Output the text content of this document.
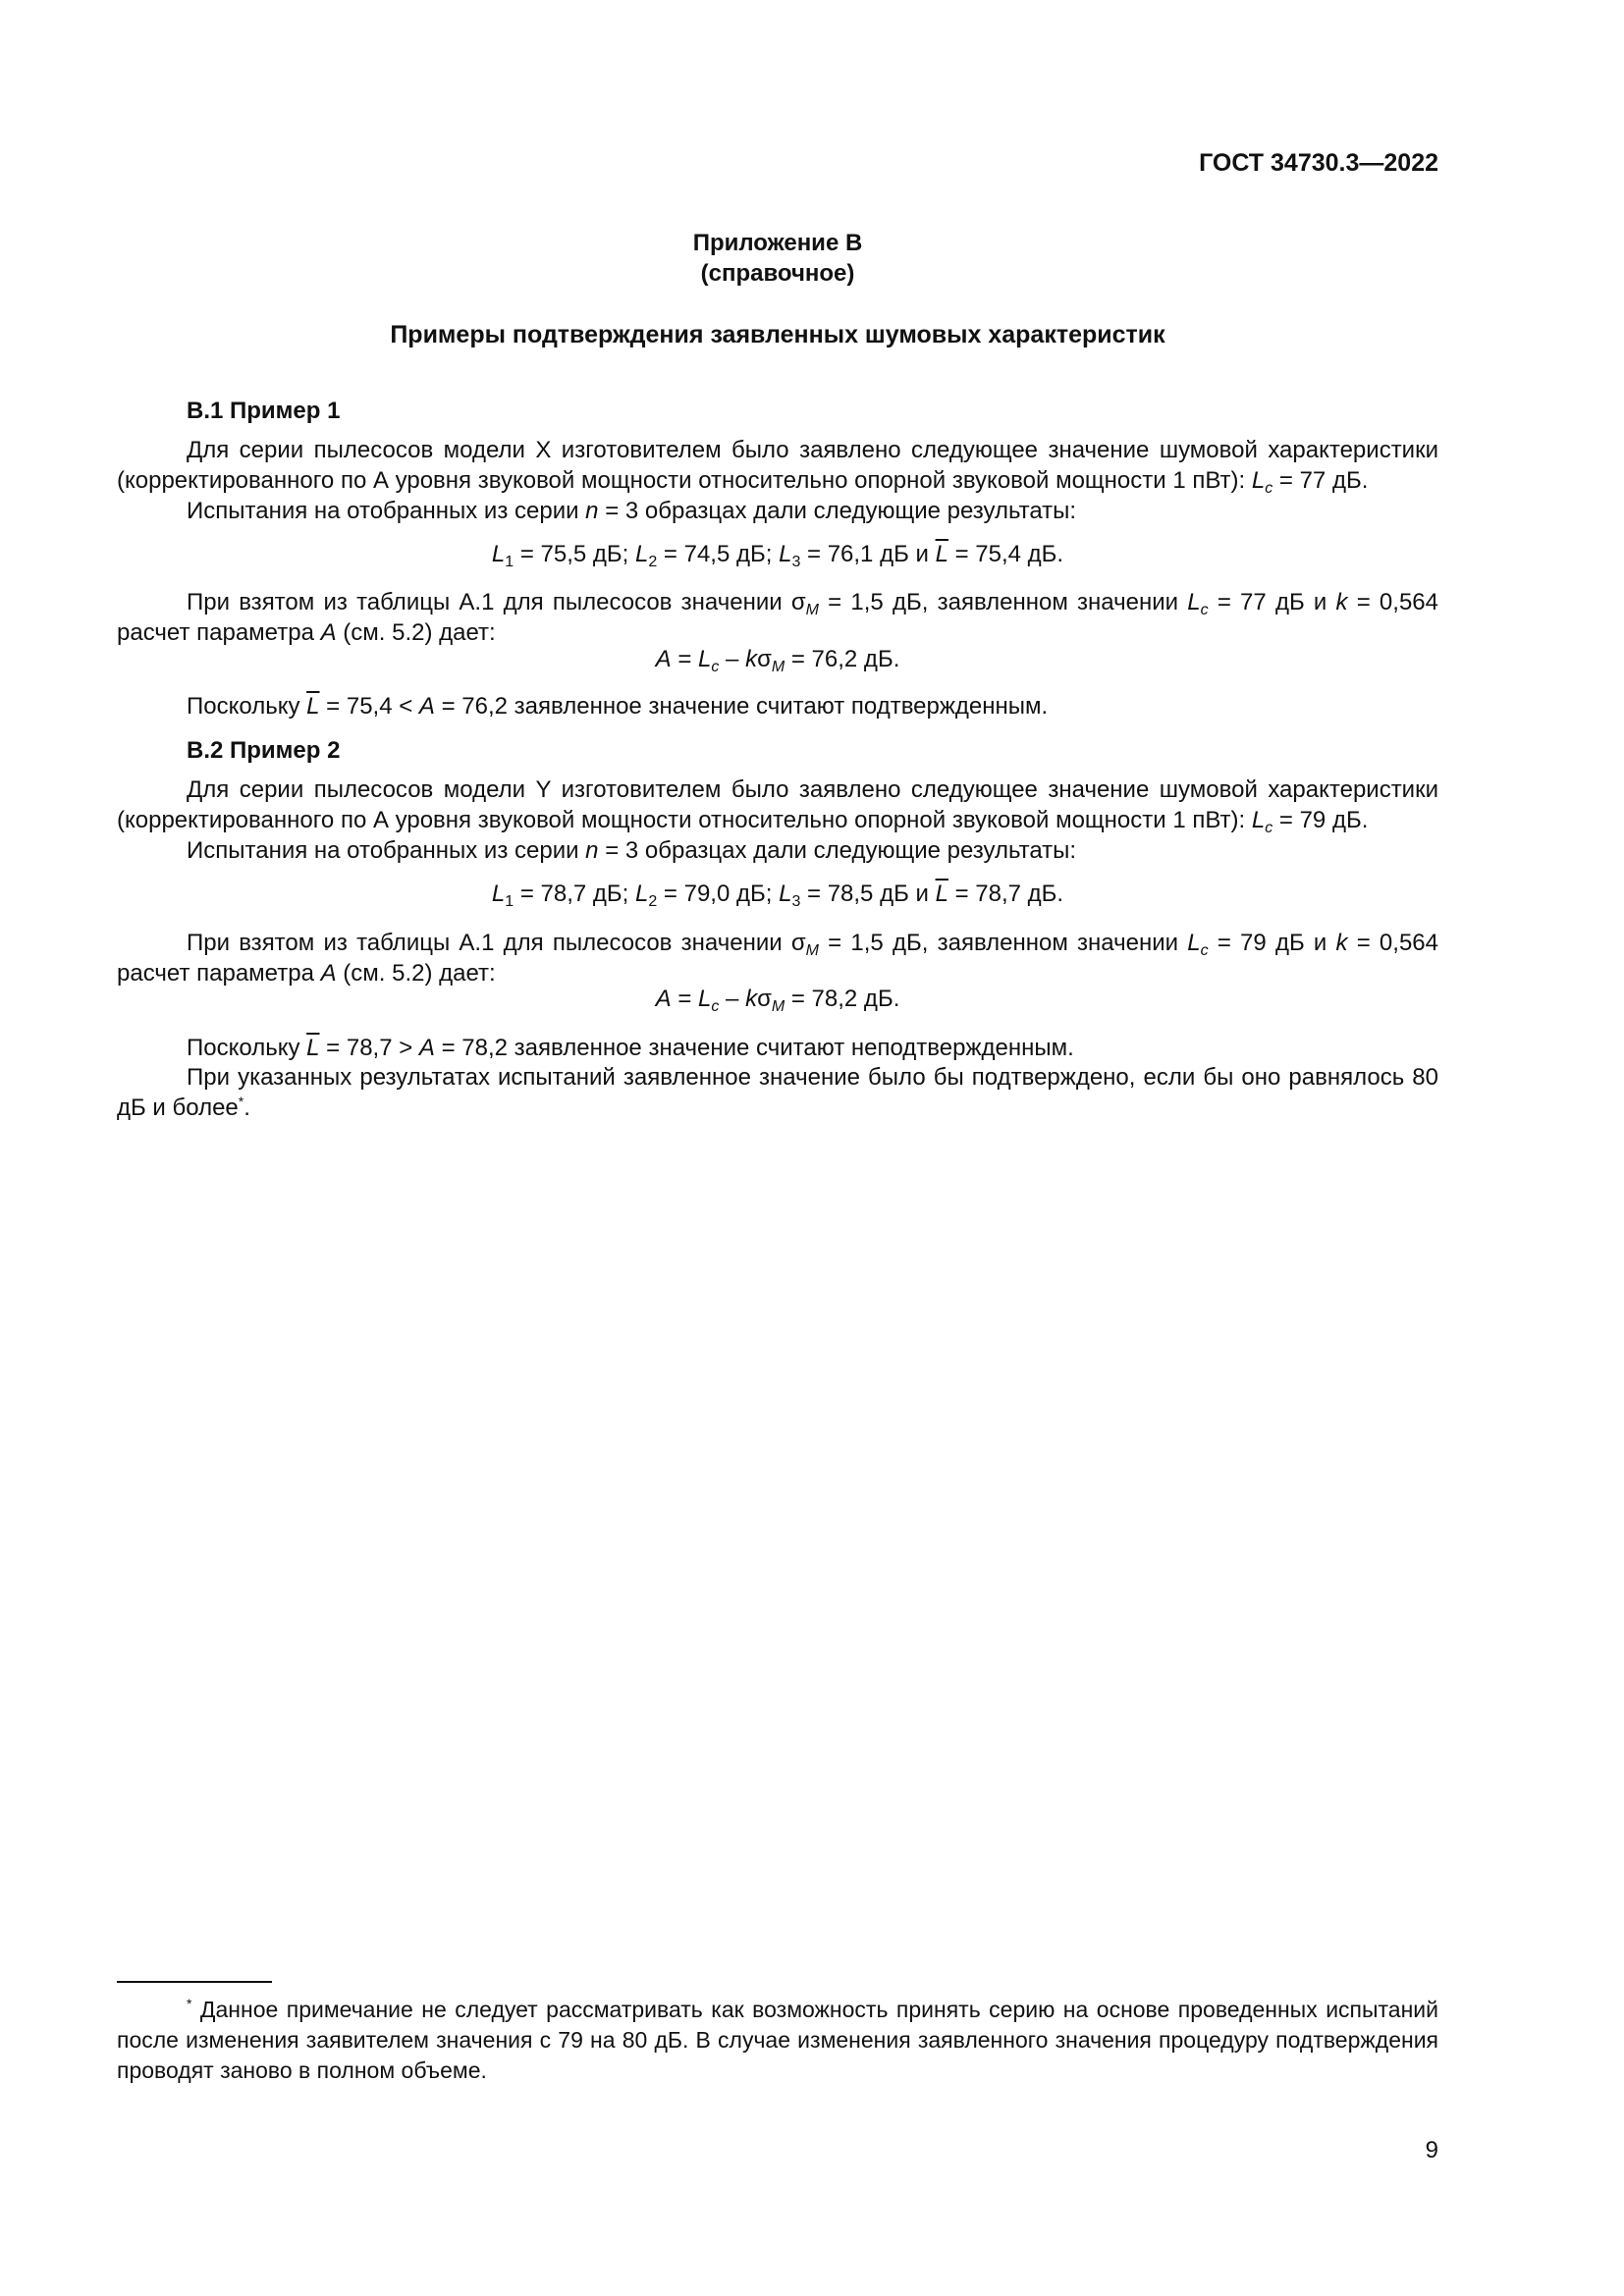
ГОСТ 34730.3—2022
Приложение В
(справочное)
Примеры подтверждения заявленных шумовых характеристик
В.1 Пример 1
Для серии пылесосов модели X изготовителем было заявлено следующее значение шумовой характеристики (корректированного по А уровня звуковой мощности относительно опорной звуковой мощности 1 пВт): $L_c = 77$ дБ.
Испытания на отобранных из серии n = 3 образцах дали следующие результаты:
$L_1 = 75,5$ дБ; $L_2 = 74,5$ дБ; $L_3 = 76,1$ дБ и $\overline{L} = 75,4$ дБ.
При взятом из таблицы А.1 для пылесосов значении $\sigma_M = 1,5$ дБ, заявленном значении $L_c = 77$ дБ и k = 0,564 расчет параметра A (см. 5.2) дает:
$A = L_c - k\sigma_M = 76,2$ дБ.
Поскольку $\overline{L} = 75,4 < A = 76,2$ заявленное значение считают подтвержденным.
В.2 Пример 2
Для серии пылесосов модели Y изготовителем было заявлено следующее значение шумовой характеристики (корректированного по А уровня звуковой мощности относительно опорной звуковой мощности 1 пВт): $L_c = 79$ дБ.
Испытания на отобранных из серии n = 3 образцах дали следующие результаты:
$L_1 = 78,7$ дБ; $L_2 = 79,0$ дБ; $L_3 = 78,5$ дБ и $\overline{L} = 78,7$ дБ.
При взятом из таблицы А.1 для пылесосов значении $\sigma_M = 1,5$ дБ, заявленном значении $L_c = 79$ дБ и k = 0,564 расчет параметра A (см. 5.2) дает:
$A = L_c - k\sigma_M = 78,2$ дБ.
Поскольку $\overline{L} = 78,7 > A = 78,2$ заявленное значение считают неподтвержденным.
При указанных результатах испытаний заявленное значение было бы подтверждено, если бы оно равнялось 80 дБ и более*.
* Данное примечание не следует рассматривать как возможность принять серию на основе проведенных испытаний после изменения заявителем значения с 79 на 80 дБ. В случае изменения заявленного значения процедуру подтверждения проводят заново в полном объеме.
9
